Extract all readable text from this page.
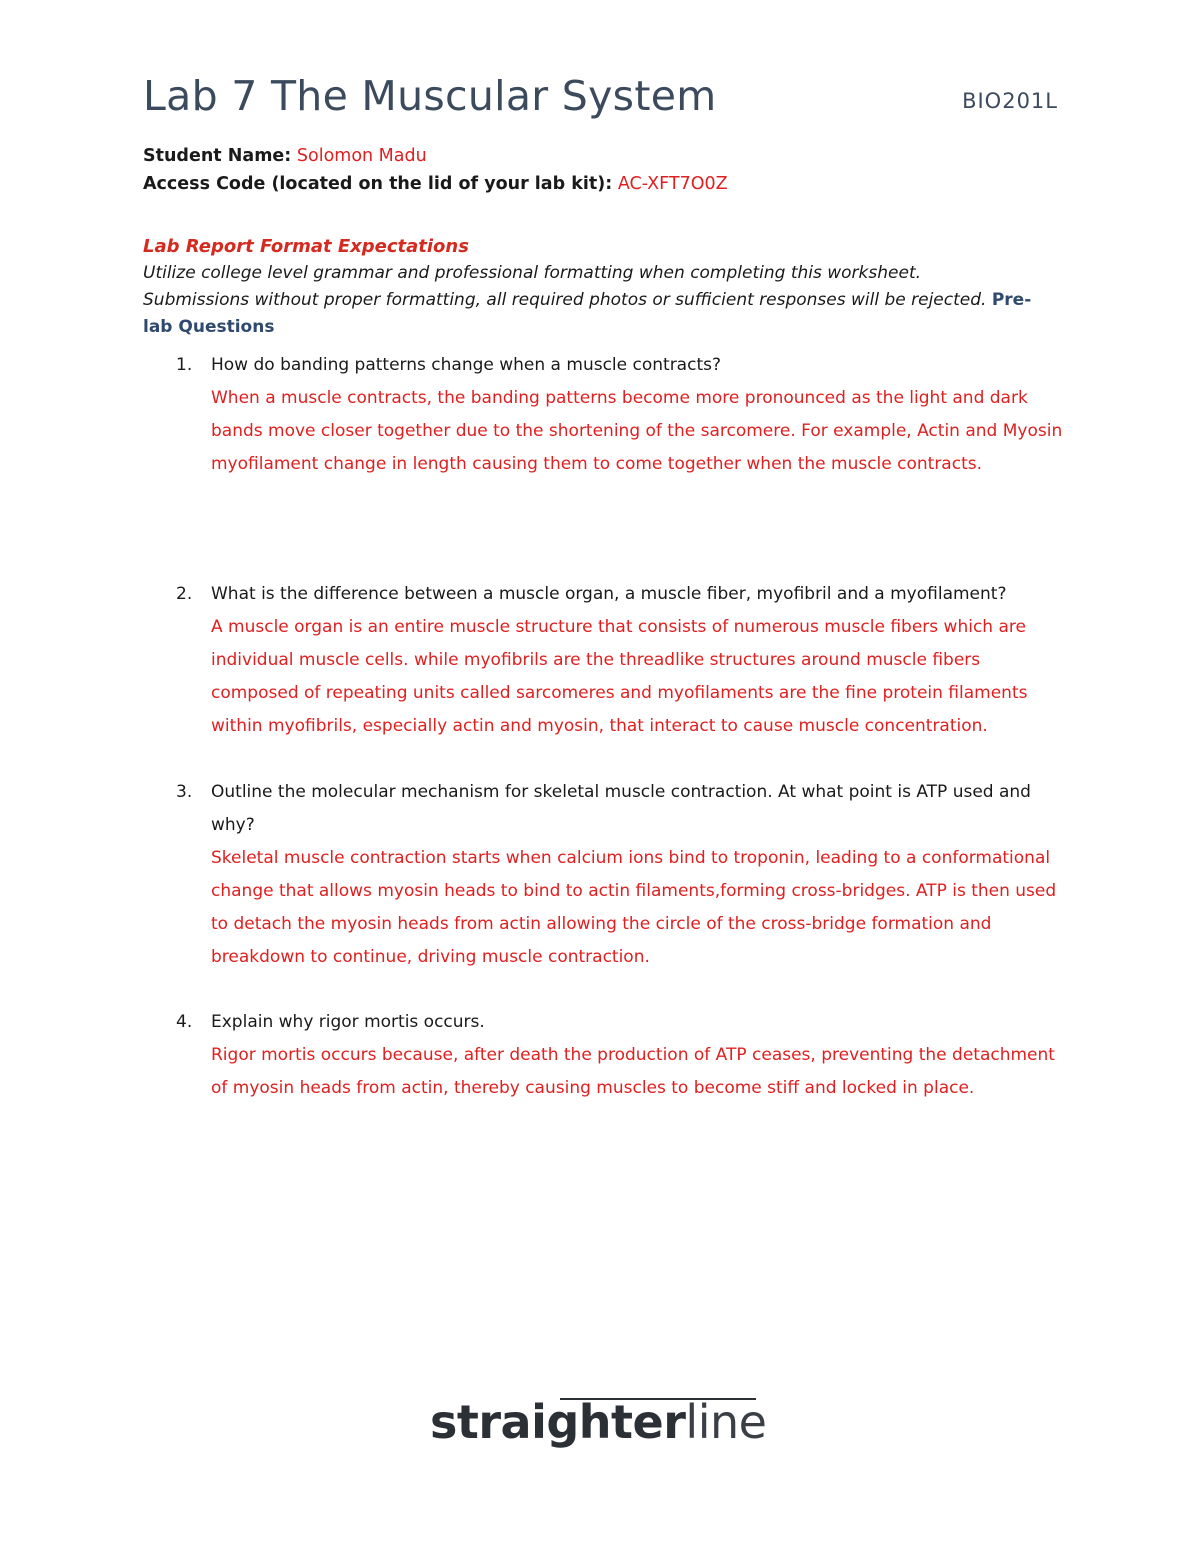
Lab 7 The Muscular System	BIO201L
Student Name: Solomon Madu
Access Code (located on the lid of your lab kit): AC-XFT7O0Z
Lab Report Format Expectations
Utilize college level grammar and professional formatting when completing this worksheet.
Submissions without proper formatting, all required photos or sufficient responses will be rejected. Pre-lab Questions
1. How do banding patterns change when a muscle contracts?
When a muscle contracts, the banding patterns become more pronounced as the light and dark bands move closer together due to the shortening of the sarcomere. For example, Actin and Myosin myofilament change in length causing them to come together when the muscle contracts.
2. What is the difference between a muscle organ, a muscle fiber, myofibril and a myofilament?
A muscle organ is an entire muscle structure that consists of numerous muscle fibers which are individual muscle cells. while myofibrils are the threadlike structures around muscle fibers composed of repeating units called sarcomeres and myofilaments are the fine protein filaments within myofibrils, especially actin and myosin, that interact to cause muscle concentration.
3. Outline the molecular mechanism for skeletal muscle contraction. At what point is ATP used and why?
Skeletal muscle contraction starts when calcium ions bind to troponin, leading to a conformational change that allows myosin heads to bind to actin filaments,forming cross-bridges. ATP is then used to detach the myosin heads from actin allowing the circle of the cross-bridge formation and breakdown to continue, driving muscle contraction.
4. Explain why rigor mortis occurs.
Rigor mortis occurs because, after death the production of ATP ceases, preventing the detachment of myosin heads from actin, thereby causing muscles to become stiff and locked in place.
straighterline
